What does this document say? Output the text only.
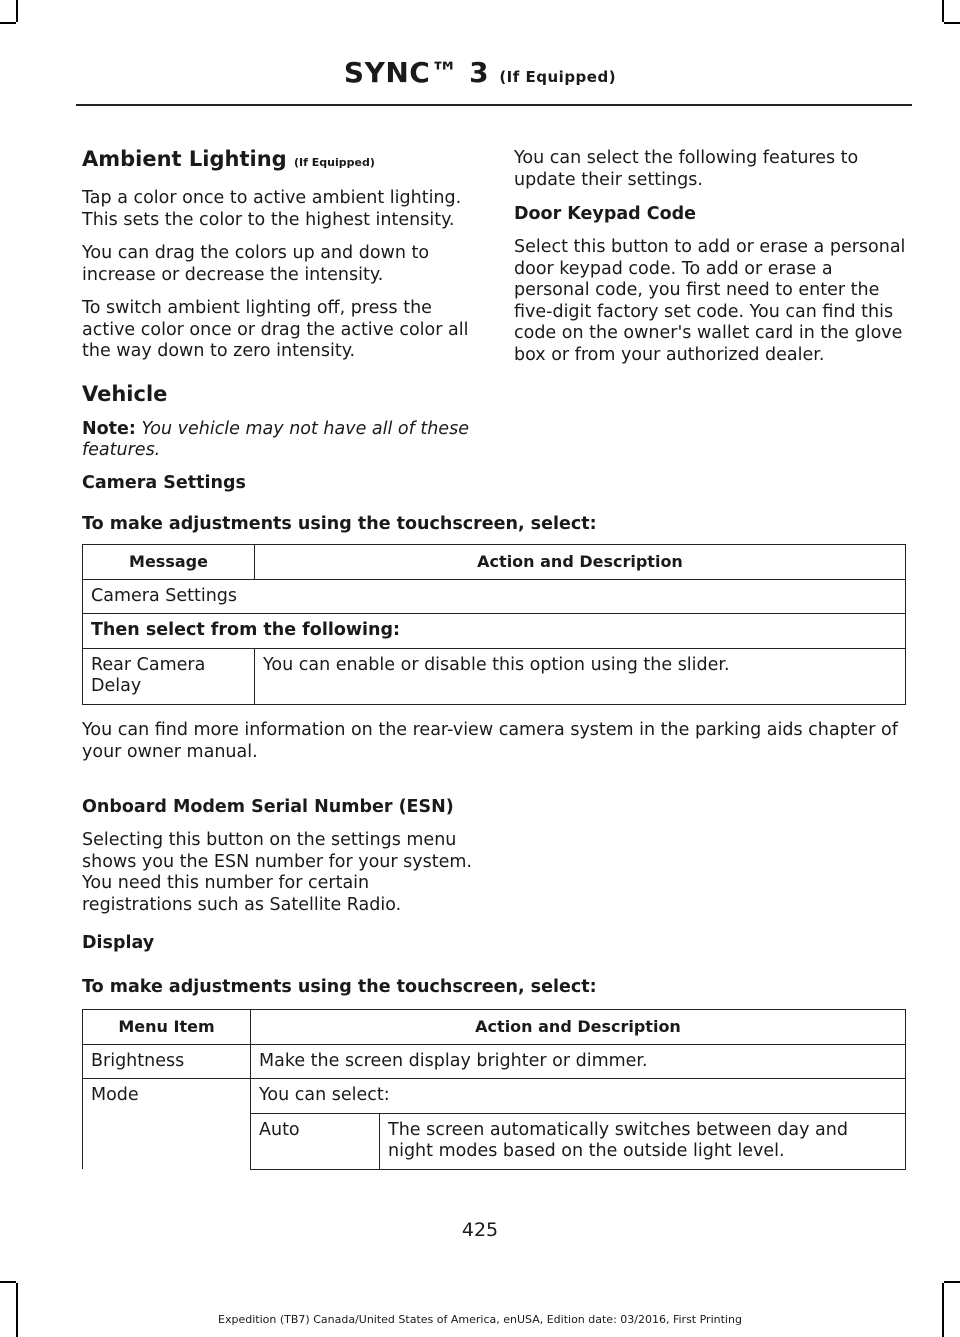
SYNC™ 3 (If Equipped)
Ambient Lighting (If Equipped)

Tap a color once to active ambient lighting. This sets the color to the highest intensity.

You can drag the colors up and down to increase or decrease the intensity.

To switch ambient lighting off, press the active color once or drag the active color all the way down to zero intensity.

Vehicle

Note: You vehicle may not have all of these features.

You can select the following features to update their settings.

Door Keypad Code

Select this button to add or erase a personal door keypad code. To add or erase a personal code, you first need to enter the five-digit factory set code. You can find this code on the owner's wallet card in the glove box or from your authorized dealer.

Camera Settings
To make adjustments using the touchscreen, select:
Message	Action and Description
Camera Settings	
Then select from the following:	
Rear Camera Delay	You can enable or disable this option using the slider.
You can find more information on the rear-view camera system in the parking aids chapter of your owner manual.
Onboard Modem Serial Number (ESN)

Selecting this button on the settings menu shows you the ESN number for your system. You need this number for certain registrations such as Satellite Radio.

Display
To make adjustments using the touchscreen, select:
Menu Item	Action and Description	
Brightness	Make the screen display brighter or dimmer.	
Mode	You can select:	
	Auto	The screen automatically switches between day and night modes based on the outside light level.
425
Expedition (TB7) Canada/United States of America, enUSA, Edition date: 03/2016, First Printing
